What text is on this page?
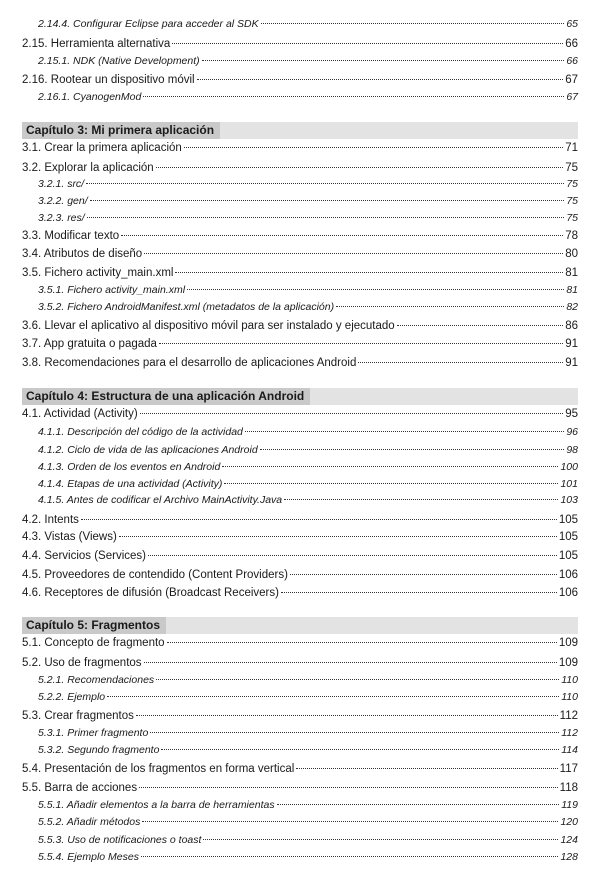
2.14.4. Configurar Eclipse para acceder al SDK	65
2.15. Herramienta alternativa	66
2.15.1. NDK (Native Development)	66
2.16. Rootear un dispositivo móvil	67
2.16.1. CyanogenMod	67
Capítulo 3: Mi primera aplicación
3.1. Crear la primera aplicación	71
3.2. Explorar la aplicación	75
3.2.1. src/	75
3.2.2. gen/	75
3.2.3. res/	75
3.3. Modificar texto	78
3.4. Atributos de diseño	80
3.5. Fichero activity_main.xml	81
3.5.1. Fichero activity_main.xml	81
3.5.2. Fichero AndroidManifest.xml (metadatos de la aplicación)	82
3.6. Llevar el aplicativo al dispositivo móvil para ser instalado y ejecutado	86
3.7. App gratuita o pagada	91
3.8. Recomendaciones para el desarrollo de aplicaciones Android	91
Capítulo 4: Estructura de una aplicación Android
4.1. Actividad (Activity)	95
4.1.1. Descripción del código de la actividad	96
4.1.2. Ciclo de vida de las aplicaciones Android	98
4.1.3. Orden de los eventos en Android	100
4.1.4. Etapas de una actividad (Activity)	101
4.1.5. Antes de codificar el Archivo MainActivity.Java	103
4.2. Intents	105
4.3. Vistas (Views)	105
4.4. Servicios (Services)	105
4.5. Proveedores de contendido (Content Providers)	106
4.6. Receptores de difusión (Broadcast Receivers)	106
Capítulo 5: Fragmentos
5.1. Concepto de fragmento	109
5.2. Uso de fragmentos	109
5.2.1. Recomendaciones	110
5.2.2. Ejemplo	110
5.3. Crear fragmentos	112
5.3.1. Primer fragmento	112
5.3.2. Segundo fragmento	114
5.4. Presentación de los fragmentos en forma vertical	117
5.5. Barra de acciones	118
5.5.1. Añadir elementos a la barra de herramientas	119
5.5.2. Añadir métodos	120
5.5.3. Uso de notificaciones o toast	124
5.5.4. Ejemplo Meses	128
